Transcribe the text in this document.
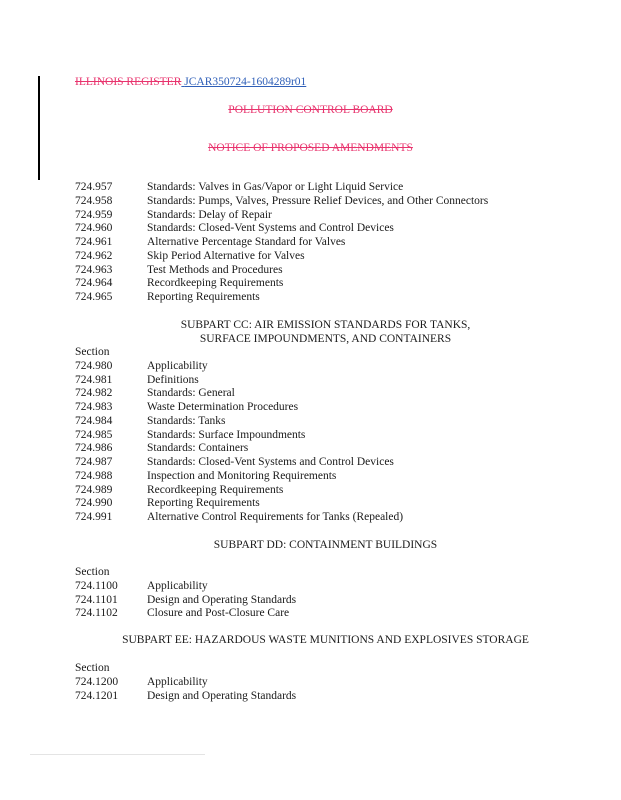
ILLINOIS REGISTER JCAR350724-1604289r01
POLLUTION CONTROL BOARD
NOTICE OF PROPOSED AMENDMENTS
724.957	Standards: Valves in Gas/Vapor or Light Liquid Service
724.958	Standards: Pumps, Valves, Pressure Relief Devices, and Other Connectors
724.959	Standards: Delay of Repair
724.960	Standards: Closed-Vent Systems and Control Devices
724.961	Alternative Percentage Standard for Valves
724.962	Skip Period Alternative for Valves
724.963	Test Methods and Procedures
724.964	Recordkeeping Requirements
724.965	Reporting Requirements
SUBPART CC: AIR EMISSION STANDARDS FOR TANKS,
SURFACE IMPOUNDMENTS, AND CONTAINERS
Section
724.980	Applicability
724.981	Definitions
724.982	Standards: General
724.983	Waste Determination Procedures
724.984	Standards: Tanks
724.985	Standards: Surface Impoundments
724.986	Standards: Containers
724.987	Standards: Closed-Vent Systems and Control Devices
724.988	Inspection and Monitoring Requirements
724.989	Recordkeeping Requirements
724.990	Reporting Requirements
724.991	Alternative Control Requirements for Tanks (Repealed)
SUBPART DD: CONTAINMENT BUILDINGS
Section
724.1100	Applicability
724.1101	Design and Operating Standards
724.1102	Closure and Post-Closure Care
SUBPART EE: HAZARDOUS WASTE MUNITIONS AND EXPLOSIVES STORAGE
Section
724.1200	Applicability
724.1201	Design and Operating Standards
